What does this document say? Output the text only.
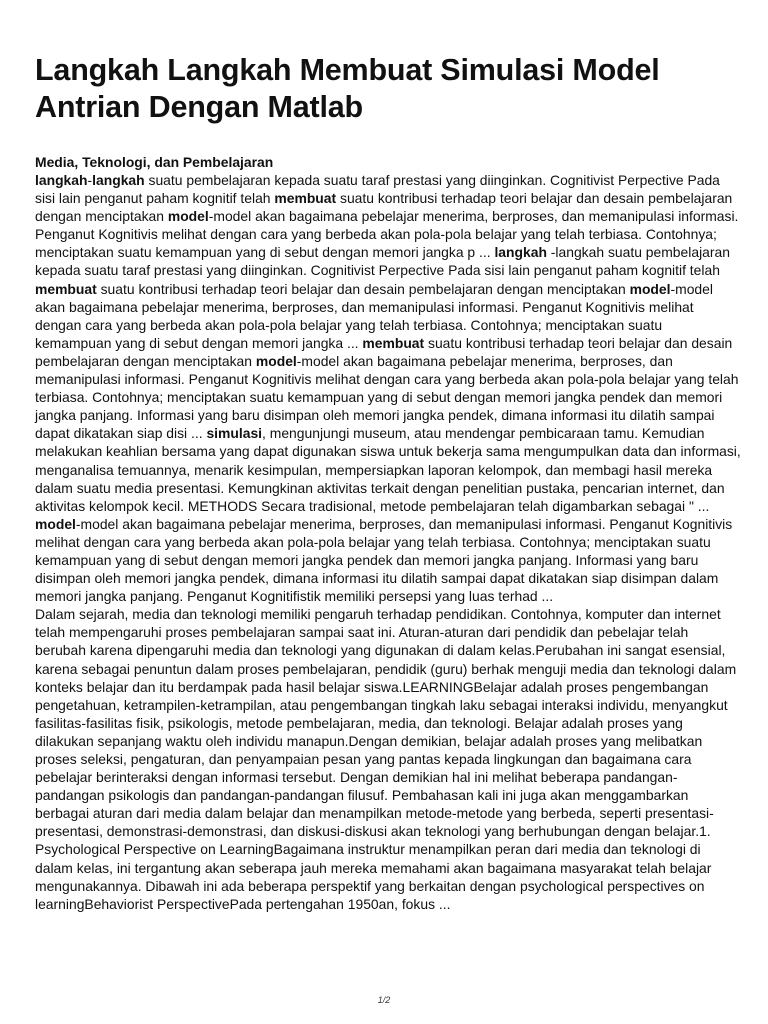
Langkah Langkah Membuat Simulasi Model Antrian Dengan Matlab
Media, Teknologi, dan Pembelajaran

langkah-langkah suatu pembelajaran kepada suatu taraf prestasi yang diinginkan. Cognitivist Perpective Pada sisi lain penganut paham kognitif telah membuat suatu kontribusi terhadap teori belajar dan desain pembelajaran dengan menciptakan model-model akan bagaimana pebelajar menerima, berproses, dan memanipulasi informasi. Penganut Kognitivis melihat dengan cara yang berbeda akan pola-pola belajar yang telah terbiasa. Contohnya; menciptakan suatu kemampuan yang di sebut dengan memori jangka p ... langkah -langkah suatu pembelajaran kepada suatu taraf prestasi yang diinginkan. Cognitivist Perpective Pada sisi lain penganut paham kognitif telah membuat suatu kontribusi terhadap teori belajar dan desain pembelajaran dengan menciptakan model-model akan bagaimana pebelajar menerima, berproses, dan memanipulasi informasi. Penganut Kognitivis melihat dengan cara yang berbeda akan pola-pola belajar yang telah terbiasa. Contohnya; menciptakan suatu kemampuan yang di sebut dengan memori jangka ... membuat suatu kontribusi terhadap teori belajar dan desain pembelajaran dengan menciptakan model-model akan bagaimana pebelajar menerima, berproses, dan memanipulasi informasi. Penganut Kognitivis melihat dengan cara yang berbeda akan pola-pola belajar yang telah terbiasa. Contohnya; menciptakan suatu kemampuan yang di sebut dengan memori jangka pendek dan memori jangka panjang. Informasi yang baru disimpan oleh memori jangka pendek, dimana informasi itu dilatih sampai dapat dikatakan siap disi ... simulasi, mengunjungi museum, atau mendengar pembicaraan tamu. Kemudian melakukan keahlian bersama yang dapat digunakan siswa untuk bekerja sama mengumpulkan data dan informasi, menganalisa temuannya, menarik kesimpulan, mempersiapkan laporan kelompok, dan membagi hasil mereka dalam suatu media presentasi. Kemungkinan aktivitas terkait dengan penelitian pustaka, pencarian internet, dan aktivitas kelompok kecil. METHODS Secara tradisional, metode pembelajaran telah digambarkan sebagai " ... model-model akan bagaimana pebelajar menerima, berproses, dan memanipulasi informasi. Penganut Kognitivis melihat dengan cara yang berbeda akan pola-pola belajar yang telah terbiasa. Contohnya; menciptakan suatu kemampuan yang di sebut dengan memori jangka pendek dan memori jangka panjang. Informasi yang baru disimpan oleh memori jangka pendek, dimana informasi itu dilatih sampai dapat dikatakan siap disimpan dalam memori jangka panjang. Penganut Kognitifistik memiliki persepsi yang luas terhad ...

Dalam sejarah, media dan teknologi memiliki pengaruh terhadap pendidikan. Contohnya, komputer dan internet telah mempengaruhi proses pembelajaran sampai saat ini. Aturan-aturan dari pendidik dan pebelajar telah berubah karena dipengaruhi media dan teknologi yang digunakan di dalam kelas.Perubahan ini sangat esensial, karena sebagai penuntun dalam proses pembelajaran, pendidik (guru) berhak menguji media dan teknologi dalam konteks belajar dan itu berdampak pada hasil belajar siswa.LEARNINGBelajar adalah proses pengembangan pengetahuan, ketrampilen-ketrampilan, atau pengembangan tingkah laku sebagai interaksi individu, menyangkut fasilitas-fasilitas fisik, psikologis, metode pembelajaran, media, dan teknologi. Belajar adalah proses yang dilakukan sepanjang waktu oleh individu manapun.Dengan demikian, belajar adalah proses yang melibatkan proses seleksi, pengaturan, dan penyampaian pesan yang pantas kepada lingkungan dan bagaimana cara pebelajar berinteraksi dengan informasi tersebut. Dengan demikian hal ini melihat beberapa pandangan-pandangan psikologis dan pandangan-pandangan filusuf. Pembahasan kali ini juga akan menggambarkan berbagai aturan dari media dalam belajar dan menampilkan metode-metode yang berbeda, seperti presentasi-presentasi, demonstrasi-demonstrasi, dan diskusi-diskusi akan teknologi yang berhubungan dengan belajar.1. Psychological Perspective on LearningBagaimana instruktur menampilkan peran dari media dan teknologi di dalam kelas, ini tergantung akan seberapa jauh mereka memahami akan bagaimana masyarakat telah belajar mengunakannya. Dibawah ini ada beberapa perspektif yang berkaitan dengan psychological perspectives on learningBehaviorist PerspectivePada pertengahan 1950an, fokus ...

1/2
